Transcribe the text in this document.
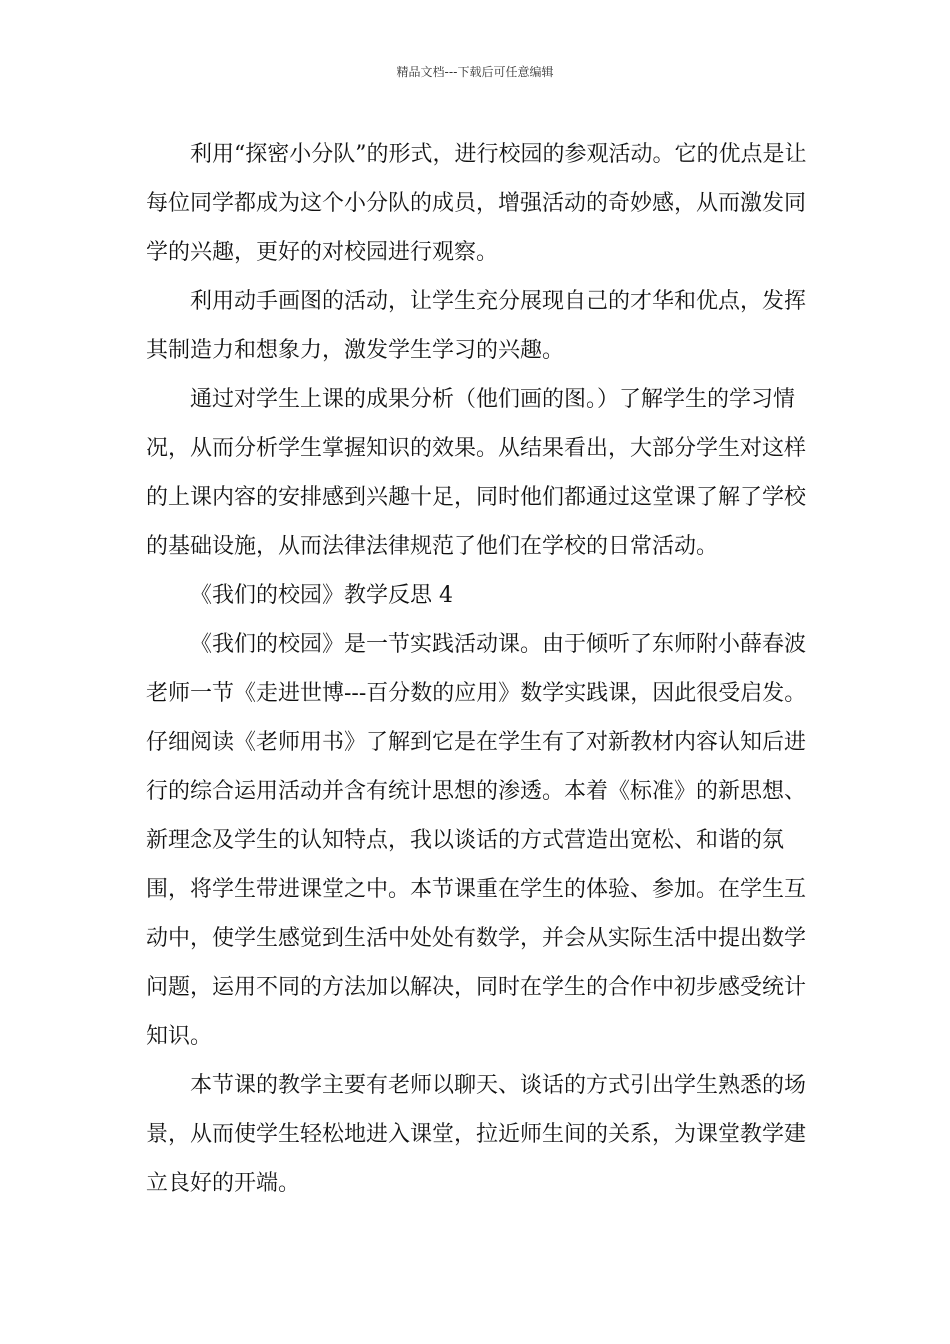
精品文档---下载后可任意编辑

利用“探密小分队”的形式，进行校园的参观活动。它的优点是让每位同学都成为这个小分队的成员，增强活动的奇妙感，从而激发同学的兴趣，更好的对校园进行观察。

利用动手画图的活动，让学生充分展现自己的才华和优点，发挥其制造力和想象力，激发学生学习的兴趣。

通过对学生上课的成果分析（他们画的图。）了解学生的学习情况，从而分析学生掌握知识的效果。从结果看出，大部分学生对这样的上课内容的安排感到兴趣十足，同时他们都通过这堂课了解了学校的基础设施，从而法律法律规范了他们在学校的日常活动。

《我们的校园》教学反思 4

《我们的校园》是一节实践活动课。由于倾听了东师附小薛春波老师一节《走进世博---百分数的应用》数学实践课，因此很受启发。仔细阅读《老师用书》了解到它是在学生有了对新教材内容认知后进行的综合运用活动并含有统计思想的渗透。本着《标准》的新思想、新理念及学生的认知特点，我以谈话的方式营造出宽松、和谐的氛围，将学生带进课堂之中。本节课重在学生的体验、参加。在学生互动中，使学生感觉到生活中处处有数学，并会从实际生活中提出数学问题，运用不同的方法加以解决，同时在学生的合作中初步感受统计知识。

本节课的教学主要有老师以聊天、谈话的方式引出学生熟悉的场景，从而使学生轻松地进入课堂，拉近师生间的关系，为课堂教学建立良好的开端。
